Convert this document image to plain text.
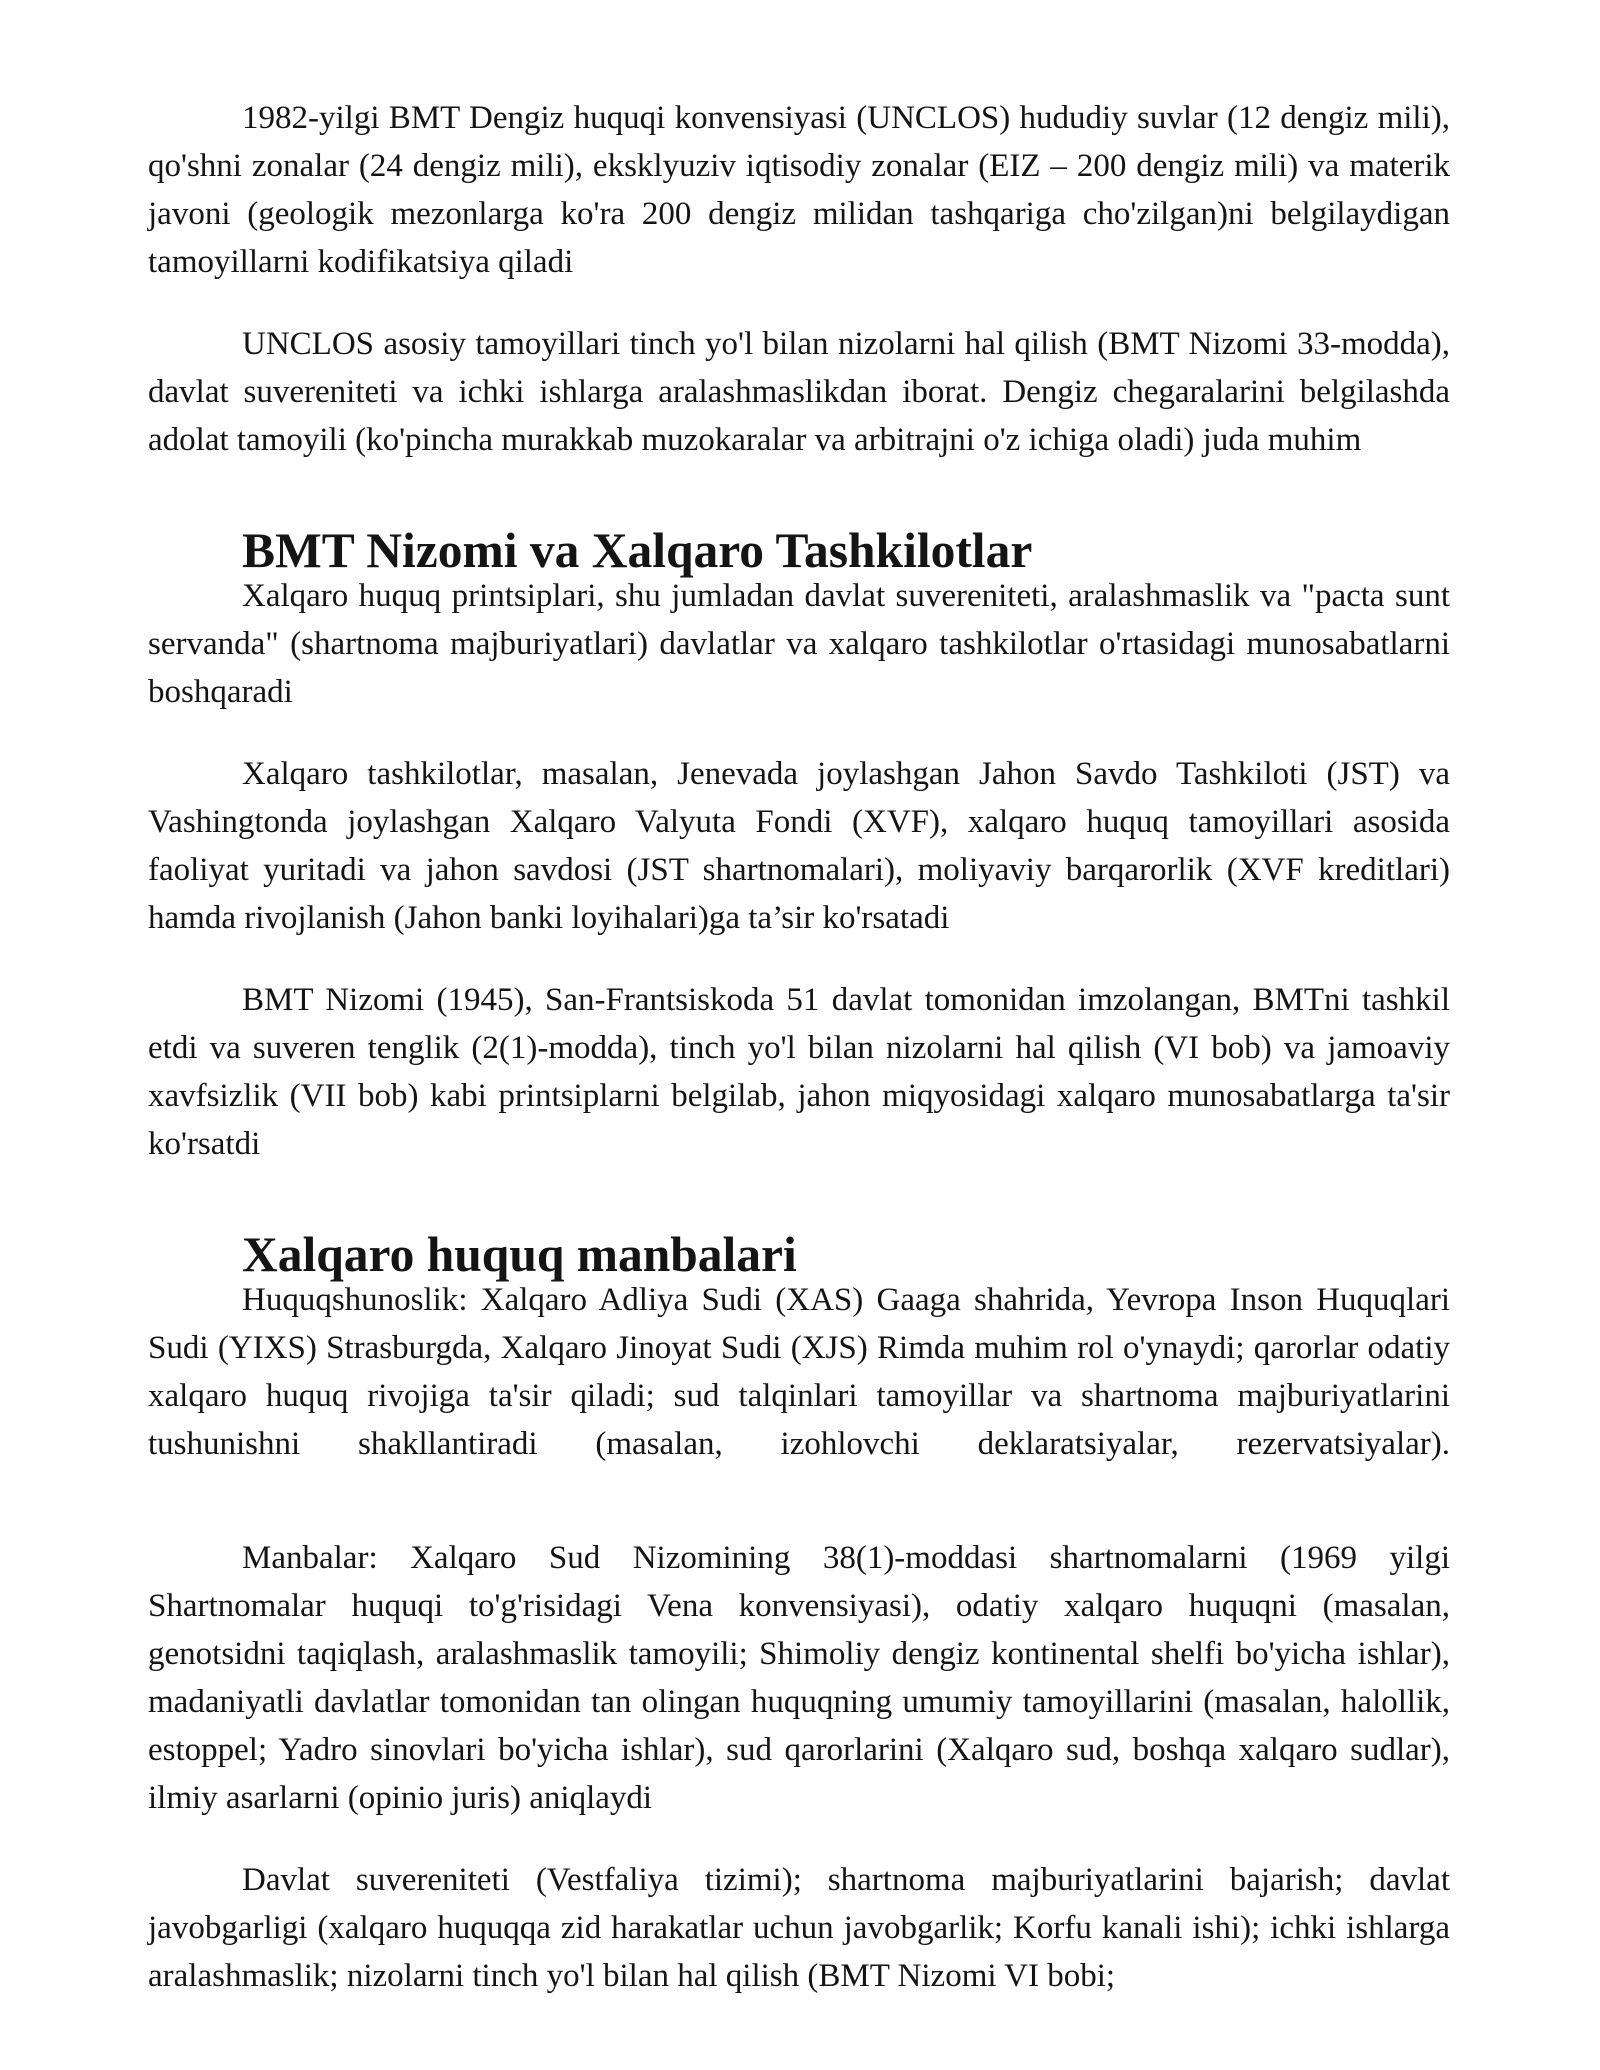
1982-yilgi BMT Dengiz huquqi konvensiyasi (UNCLOS) hududiy suvlar (12 dengiz mili), qo'shni zonalar (24 dengiz mili), eksklyuziv iqtisodiy zonalar (EIZ – 200 dengiz mili) va materik javoni (geologik mezonlarga ko'ra 200 dengiz milidan tashqariga cho'zilgan)ni belgilaydigan tamoyillarni kodifikatsiya qiladi

UNCLOS asosiy tamoyillari tinch yo'l bilan nizolarni hal qilish (BMT Nizomi 33-modda), davlat suvereniteti va ichki ishlarga aralashmaslikdan iborat. Dengiz chegaralarini belgilashda adolat tamoyili (ko'pincha murakkab muzokaralar va arbitrajni o'z ichiga oladi) juda muhim

BMT Nizomi va Xalqaro Tashkilotlar

Xalqaro huquq printsiplari, shu jumladan davlat suvereniteti, aralashmaslik va "pacta sunt servanda" (shartnoma majburiyatlari) davlatlar va xalqaro tashkilotlar o'rtasidagi munosabatlarni boshqaradi

Xalqaro tashkilotlar, masalan, Jenevada joylashgan Jahon Savdo Tashkiloti (JST) va Vashingtonda joylashgan Xalqaro Valyuta Fondi (XVF), xalqaro huquq tamoyillari asosida faoliyat yuritadi va jahon savdosi (JST shartnomalari), moliyaviy barqarorlik (XVF kreditlari) hamda rivojlanish (Jahon banki loyihalari)ga ta’sir ko'rsatadi

BMT Nizomi (1945), San-Frantsiskoda 51 davlat tomonidan imzolangan, BMTni tashkil etdi va suveren tenglik (2(1)-modda), tinch yo'l bilan nizolarni hal qilish (VI bob) va jamoaviy xavfsizlik (VII bob) kabi printsiplarni belgilab, jahon miqyosidagi xalqaro munosabatlarga ta'sir ko'rsatdi

Xalqaro huquq manbalari

Huquqshunoslik: Xalqaro Adliya Sudi (XAS) Gaaga shahrida, Yevropa Inson Huquqlari Sudi (YIXS) Strasburgda, Xalqaro Jinoyat Sudi (XJS) Rimda muhim rol o'ynaydi; qarorlar odatiy xalqaro huquq rivojiga ta'sir qiladi; sud talqinlari tamoyillar va shartnoma majburiyatlarini tushunishni shakllantiradi (masalan, izohlovchi deklaratsiyalar, rezervatsiyalar).

Manbalar: Xalqaro Sud Nizomining 38(1)-moddasi shartnomalarni (1969 yilgi Shartnomalar huquqi to'g'risidagi Vena konvensiyasi), odatiy xalqaro huquqni (masalan, genotsidni taqiqlash, aralashmaslik tamoyili; Shimoliy dengiz kontinental shelfi bo'yicha ishlar), madaniyatli davlatlar tomonidan tan olingan huquqning umumiy tamoyillarini (masalan, halollik, estoppel; Yadro sinovlari bo'yicha ishlar), sud qarorlarini (Xalqaro sud, boshqa xalqaro sudlar), ilmiy asarlarni (opinio juris) aniqlaydi

Davlat suvereniteti (Vestfaliya tizimi); shartnoma majburiyatlarini bajarish; davlat javobgarligi (xalqaro huquqqa zid harakatlar uchun javobgarlik; Korfu kanali ishi); ichki ishlarga aralashmaslik; nizolarni tinch yo'l bilan hal qilish (BMT Nizomi VI bobi;
